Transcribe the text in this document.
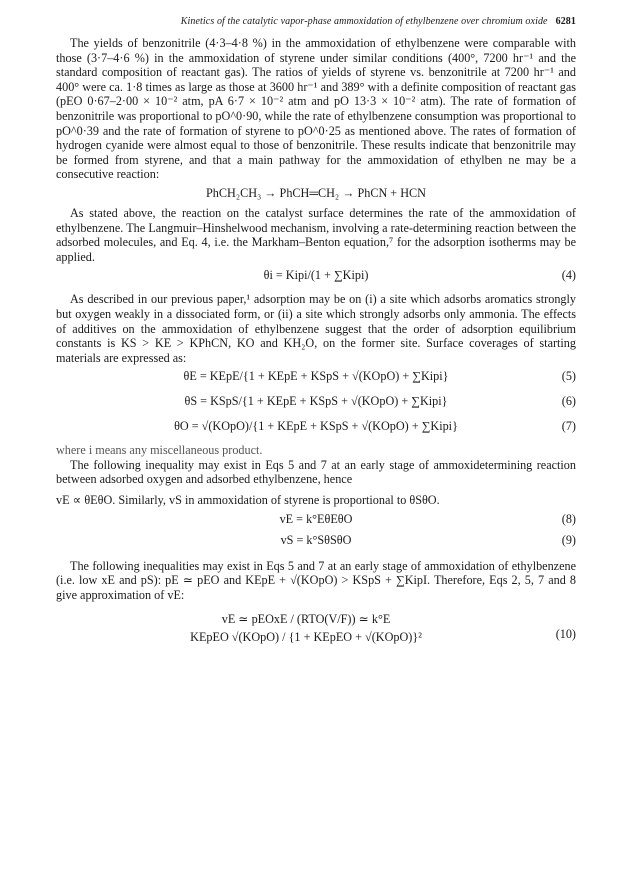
Kinetics of the catalytic vapor-phase ammoxidation of ethylbenzene over chromium oxide 6281

The yields of benzonitrile (4·3–4·8 %) in the ammoxidation of ethylbenzene were comparable with those (3·7–4·6 %) in the ammoxidation of styrene under similar conditions (400°, 7200 hr⁻¹ and the standard composition of reactant gas). The ratios of yields of styrene vs. benzonitrile at 7200 hr⁻¹ and 400° were ca. 1·8 times as large as those at 3600 hr⁻¹ and 389° with a definite composition of reactant gas (pEO 0·67–2·00 × 10⁻² atm, pA 6·7 × 10⁻² atm and pO 13·3 × 10⁻² atm). The rate of formation of benzonitrile was proportional to pO^0·90, while the rate of ethylbenzene consumption was proportional to pO^0·39 and the rate of formation of styrene to pO^0·25 as mentioned above. The rates of formation of hydrogen cyanide were almost equal to those of benzonitrile. These results indicate that benzonitrile may be formed from styrene, and that a main pathway for the ammoxidation of ethylben ne may be a consecutive reaction:

PhCH₂CH₃ → PhCH═CH₂ → PhCN + HCN

As stated above, the reaction on the catalyst surface determines the rate of the ammoxidation of ethylbenzene. The Langmuir–Hinshelwood mechanism, involving a rate-determining reaction between the adsorbed molecules, and Eq. 4, i.e. the Markham–Benton equation,⁷ for the adsorption isotherms may be applied.

θi = Kipi/(1 + ∑Kipi)	(4)

As described in our previous paper,¹ adsorption may be on (i) a site which adsorbs aromatics strongly but oxygen weakly in a dissociated form, or (ii) a site which strongly adsorbs only ammonia. The effects of additives on the ammoxidation of ethylbenzene suggest that the order of adsorption equilibrium constants is KS > KE > KPhCN, KO and KH₂O, on the former site. Surface coverages of starting materials are expressed as:

θE = KEpE/{1 + KEpE + KSpS + √(KOpO) + ∑Kipi}	(5)
θS = KSpS/{1 + KEpE + KSpS + √(KOpO) + ∑Kipi}	(6)
θO = √(KOpO)/{1 + KEpE + KSpS + √(KOpO) + ∑Kipi}	(7)

where i means any miscellaneous product.

The following inequality may exist in Eqs 5 and 7 at an early stage of ammoxidetermining reaction between adsorbed oxygen and adsorbed ethylbenzene, hence

vE ∝ θEθO. Similarly, vS in ammoxidation of styrene is proportional to θSθO.

vE = k°EθEθO	(8)
vS = k°SθSθO	(9)

The following inequalities may exist in Eqs 5 and 7 at an early stage of ammoxidation of ethylbenzene (i.e. low xE and pS): pE ≃ pEO and KEpE + √(KOpO) > KSpS + ∑KipI. Therefore, Eqs 2, 5, 7 and 8 give approximation of vE:

vE ≃ pEOxE / (RTO(V/F)) ≃ k°E
KEpEO √(KOpO) / {1 + KEpEO + √(KOpO)}²	(10)
